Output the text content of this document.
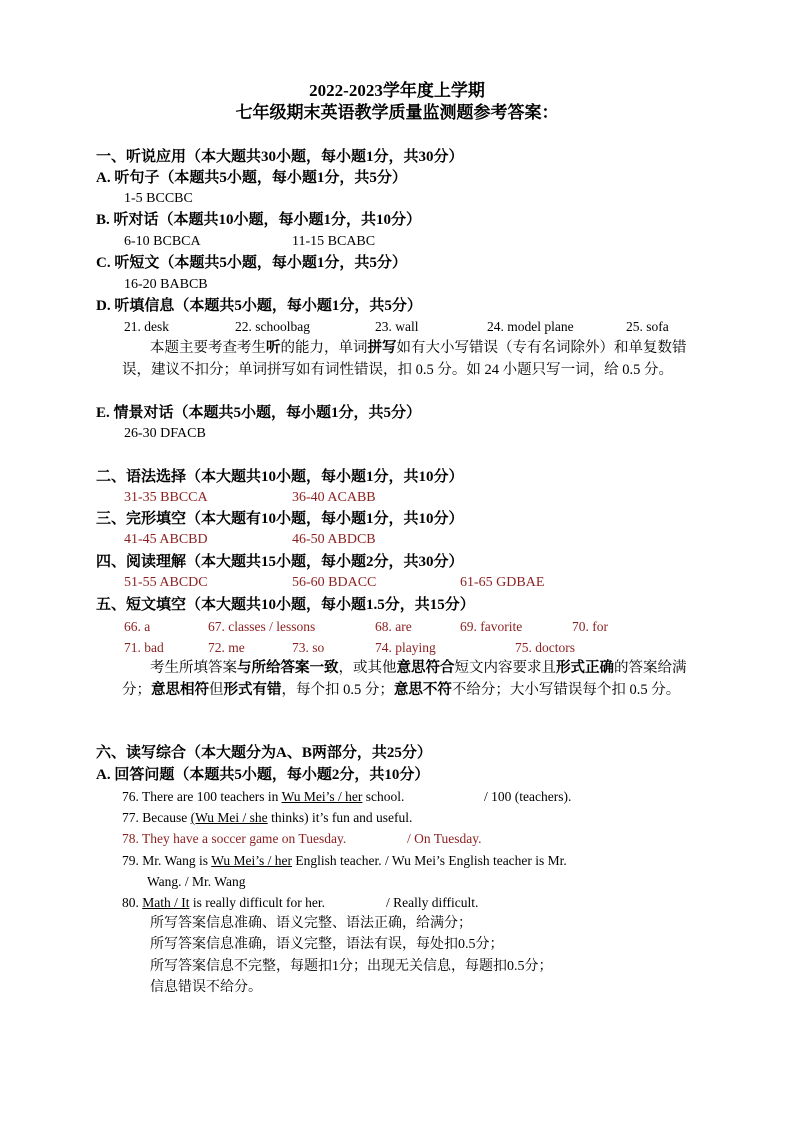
2022-2023学年度上学期
七年级期末英语教学质量监测题参考答案：
一、听说应用（本大题共30小题，每小题1分，共30分）
A. 听句子（本题共5小题，每小题1分，共5分）
1-5 BCCBC
B. 听对话（本题共10小题，每小题1分，共10分）
6-10 BCBCA	11-15 BCABC
C. 听短文（本题共5小题，每小题1分，共5分）
16-20 BABCB
D. 听填信息（本题共5小题，每小题1分，共5分）
21. desk	22. schoolbag	23. wall	24. model plane	25. sofa
本题主要考查考生听的能力，单词拼写如有大小写错误（专有名词除外）和单复数错误，建议不扣分；单词拼写如有词性错误，扣 0.5 分。如 24 小题只写一词，给 0.5 分。
E. 情景对话（本题共5小题，每小题1分，共5分）
26-30 DFACB
二、语法选择（本大题共10小题，每小题1分，共10分）
31-35 BBCCA	36-40 ACABB
三、完形填空（本大题有10小题，每小题1分，共10分）
41-45 ABCBD	46-50 ABDCB
四、阅读理解（本大题共15小题，每小题2分，共30分）
51-55 ABCDC	56-60 BDACC	61-65 GDBAE
五、短文填空（本大题共10小题，每小题1.5分，共15分）
66. a	67. classes / lessons	68. are	69. favorite	70. for
71. bad	72. me	73. so	74. playing	75. doctors
考生所填答案与所给答案一致，或其他意思符合短文内容要求且形式正确的答案给满分；意思相符但形式有错，每个扣 0.5 分；意思不符不给分；大小写错误每个扣 0.5 分。
六、读写综合（本大题分为A、B两部分，共25分）
A. 回答问题（本题共5小题，每小题2分，共10分）
76. There are 100 teachers in Wu Mei’s / her school.	/ 100 (teachers).
77. Because (Wu Mei / she thinks) it’s fun and useful.
78. They have a soccer game on Tuesday.	/ On Tuesday.
79. Mr. Wang is Wu Mei’s / her English teacher. / Wu Mei’s English teacher is Mr.
Wang. / Mr. Wang
80. Math / It is really difficult for her.	/ Really difficult.
所写答案信息准确、语义完整、语法正确，给满分；
所写答案信息准确，语义完整，语法有误，每处扣0.5分；
所写答案信息不完整，每题扣1分；出现无关信息，每题扣0.5分；
信息错误不给分。
